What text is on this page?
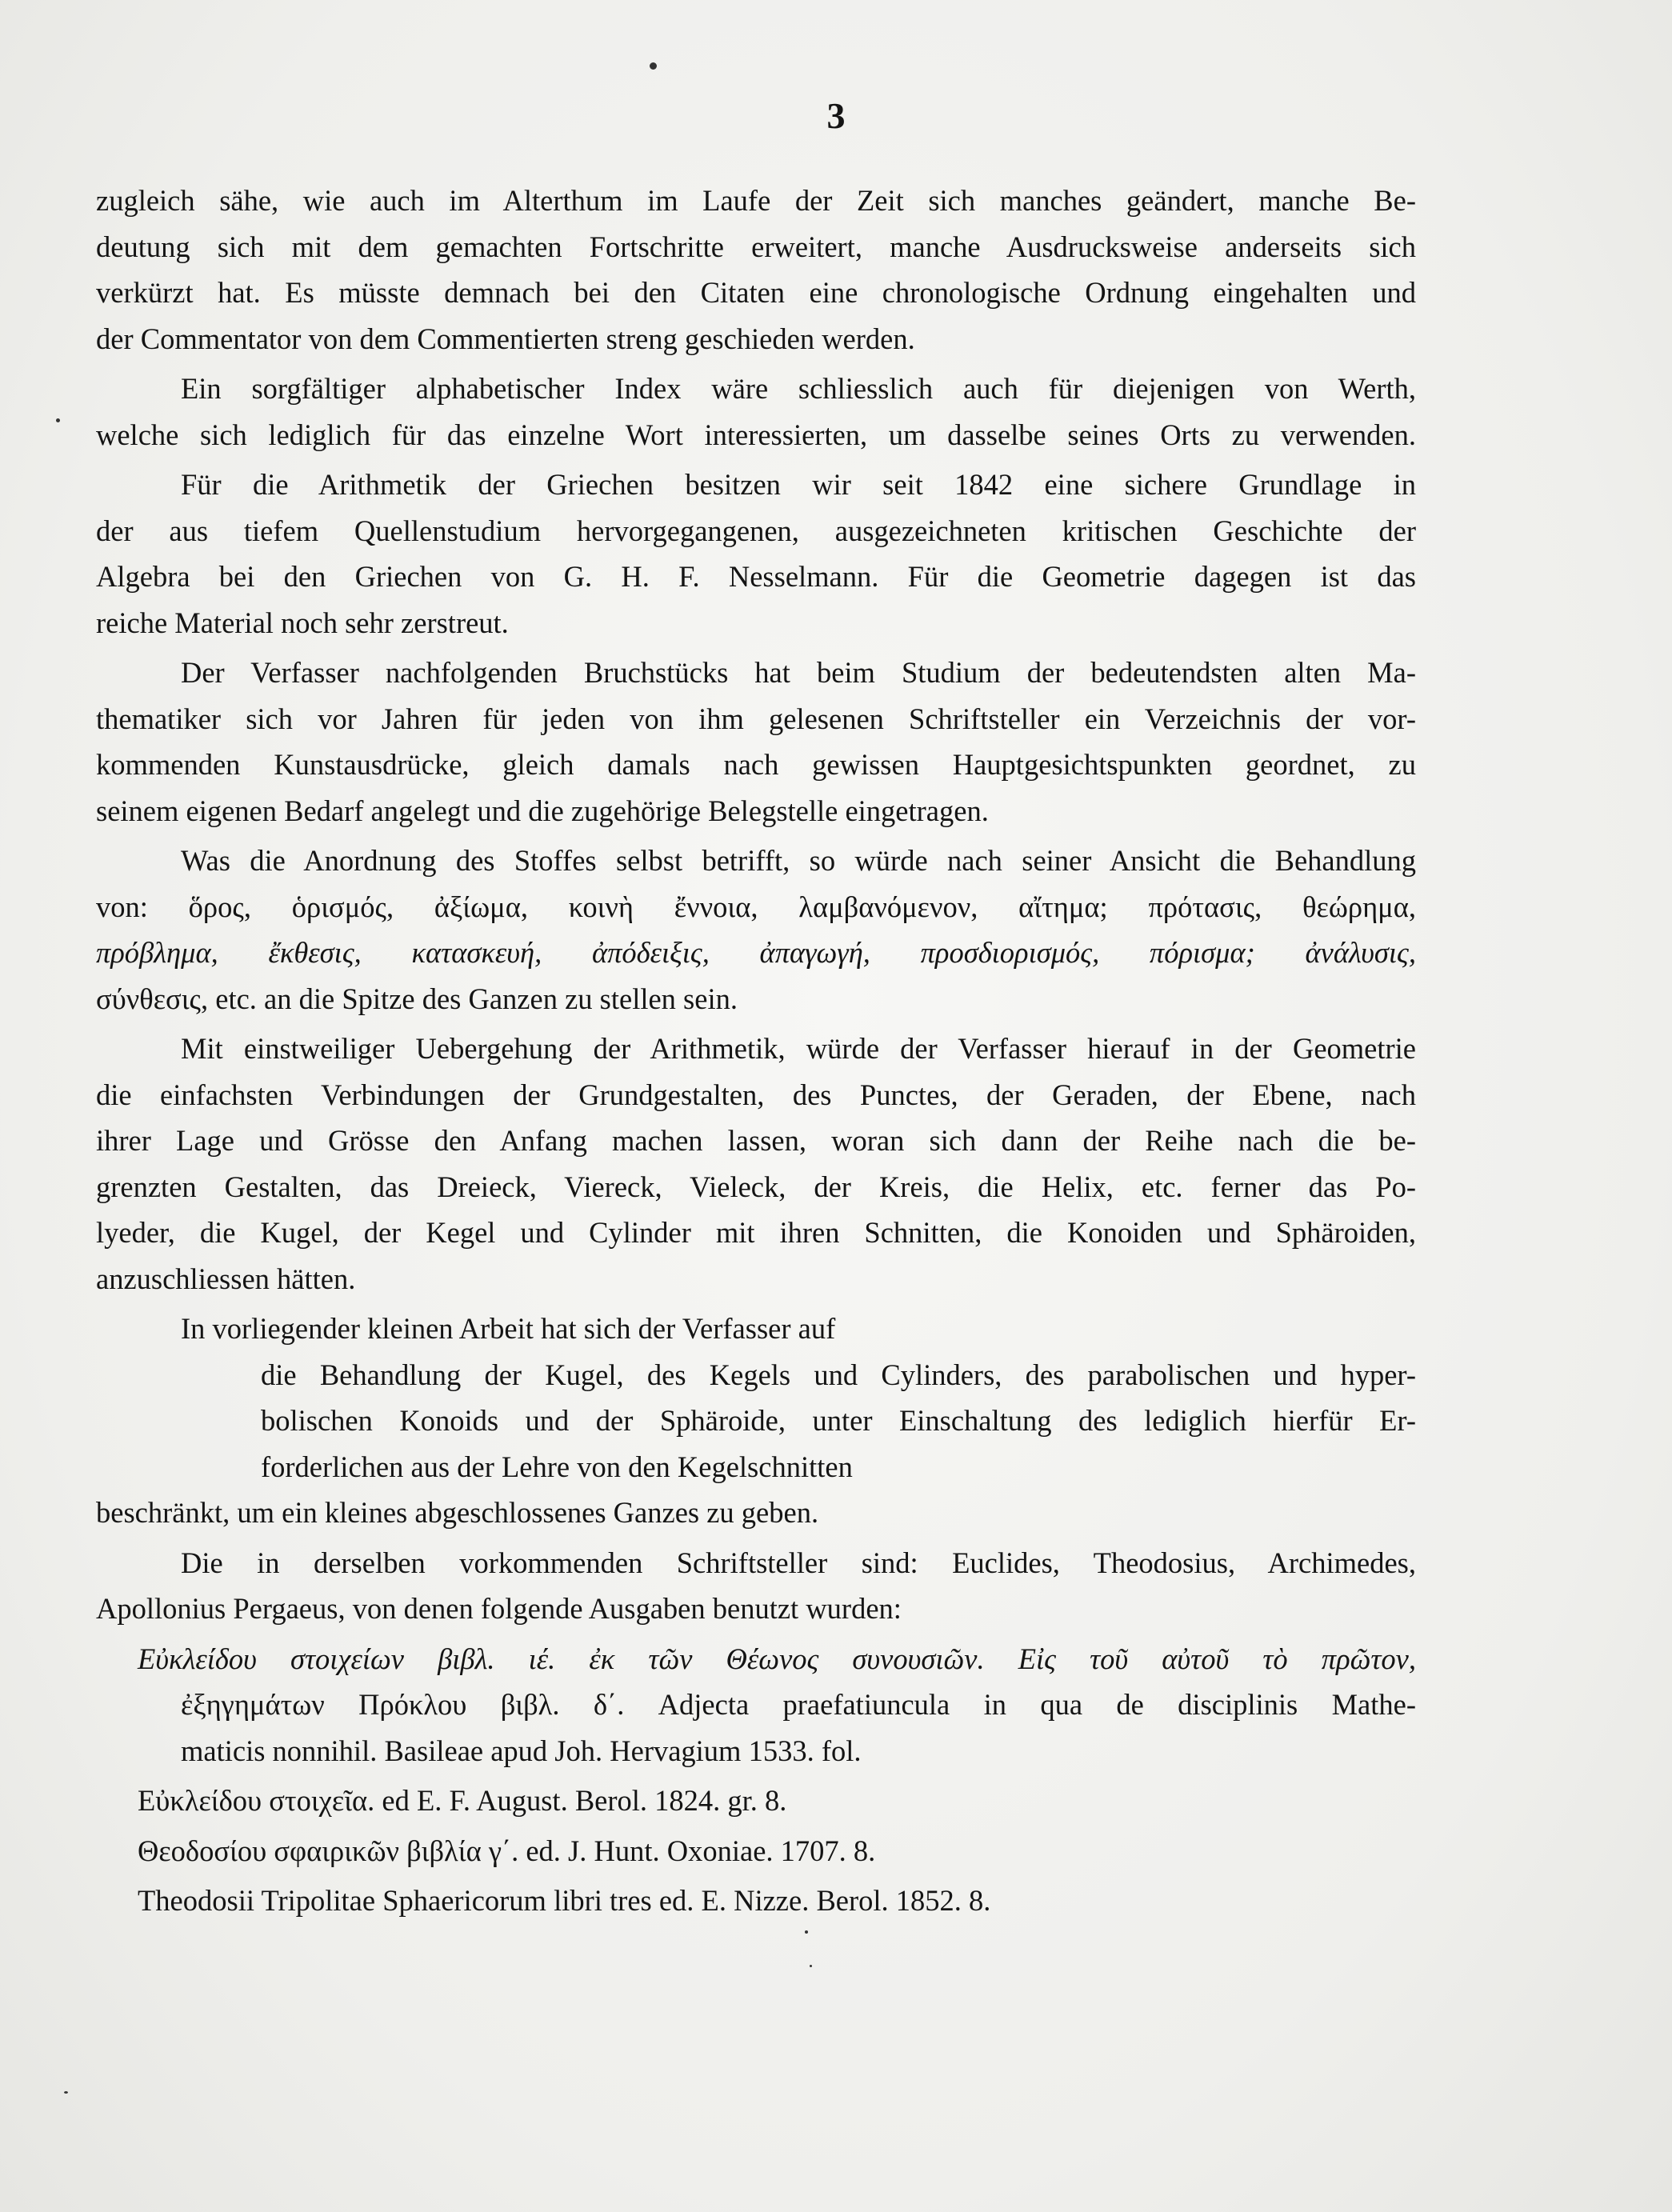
3
zugleich sähe, wie auch im Alterthum im Laufe der Zeit sich manches geändert, manche Be-
deutung sich mit dem gemachten Fortschritte erweitert, manche Ausdrucksweise anderseits sich
verkürzt hat. Es müsste demnach bei den Citaten eine chronologische Ordnung eingehalten und
der Commentator von dem Commentierten streng geschieden werden.
Ein sorgfältiger alphabetischer Index wäre schliesslich auch für diejenigen von Werth,
welche sich lediglich für das einzelne Wort interessierten, um dasselbe seines Orts zu verwenden.
Für die Arithmetik der Griechen besitzen wir seit 1842 eine sichere Grundlage in
der aus tiefem Quellenstudium hervorgegangenen, ausgezeichneten kritischen Geschichte der
Algebra bei den Griechen von G. H. F. Nesselmann. Für die Geometrie dagegen ist das
reiche Material noch sehr zerstreut.
Der Verfasser nachfolgenden Bruchstücks hat beim Studium der bedeutendsten alten Ma-
thematiker sich vor Jahren für jeden von ihm gelesenen Schriftsteller ein Verzeichnis der vor-
kommenden Kunstausdrücke, gleich damals nach gewissen Hauptgesichtspunkten geordnet, zu
seinem eigenen Bedarf angelegt und die zugehörige Belegstelle eingetragen.
Was die Anordnung des Stoffes selbst betrifft, so würde nach seiner Ansicht die Behandlung
von: ὅρος, ὁρισμός, ἀξίωμα, κοινὴ ἔννοια, λαμβανόμενον, αἴτημα; πρότασις, θεώρημα,
πρόβλημα, ἔκθεσις, κατασκευή, ἀπόδειξις, ἀπαγωγή, προσδιορισμός, πόρισμα; ἀνάλυσις,
σύνθεσις, etc. an die Spitze des Ganzen zu stellen sein.
Mit einstweiliger Uebergehung der Arithmetik, würde der Verfasser hierauf in der Geometrie
die einfachsten Verbindungen der Grundgestalten, des Punctes, der Geraden, der Ebene, nach
ihrer Lage und Grösse den Anfang machen lassen, woran sich dann der Reihe nach die be-
grenzten Gestalten, das Dreieck, Viereck, Vieleck, der Kreis, die Helix, etc. ferner das Po-
lyeder, die Kugel, der Kegel und Cylinder mit ihren Schnitten, die Konoiden und Sphäroiden,
anzuschliessen hätten.
In vorliegender kleinen Arbeit hat sich der Verfasser auf
die Behandlung der Kugel, des Kegels und Cylinders, des parabolischen und hyper-
bolischen Konoids und der Sphäroide, unter Einschaltung des lediglich hierfür Er-
forderlichen aus der Lehre von den Kegelschnitten
beschränkt, um ein kleines abgeschlossenes Ganzes zu geben.
Die in derselben vorkommenden Schriftsteller sind: Euclides, Theodosius, Archimedes,
Apollonius Pergaeus, von denen folgende Ausgaben benutzt wurden:
Εὐκλείδου στοιχείων βιβλ. ιέ. ἐκ τῶν Θέωνος συνουσιῶν. Εἰς τοῦ αὐτοῦ τὸ πρῶτον,
ἐξηγημάτων Πρόκλου βιβλ. δ΄. Adjecta praefatiuncula in qua de disciplinis Mathe-
maticis nonnihil. Basileae apud Joh. Hervagium 1533. fol.
Εὐκλείδου στοιχεῖα. ed E. F. August. Berol. 1824. gr. 8.
Θεοδοσίου σφαιρικῶν βιβλία γ΄. ed. J. Hunt. Oxoniae. 1707. 8.
Theodosii Tripolitae Sphaericorum libri tres ed. E. Nizze. Berol. 1852. 8.
